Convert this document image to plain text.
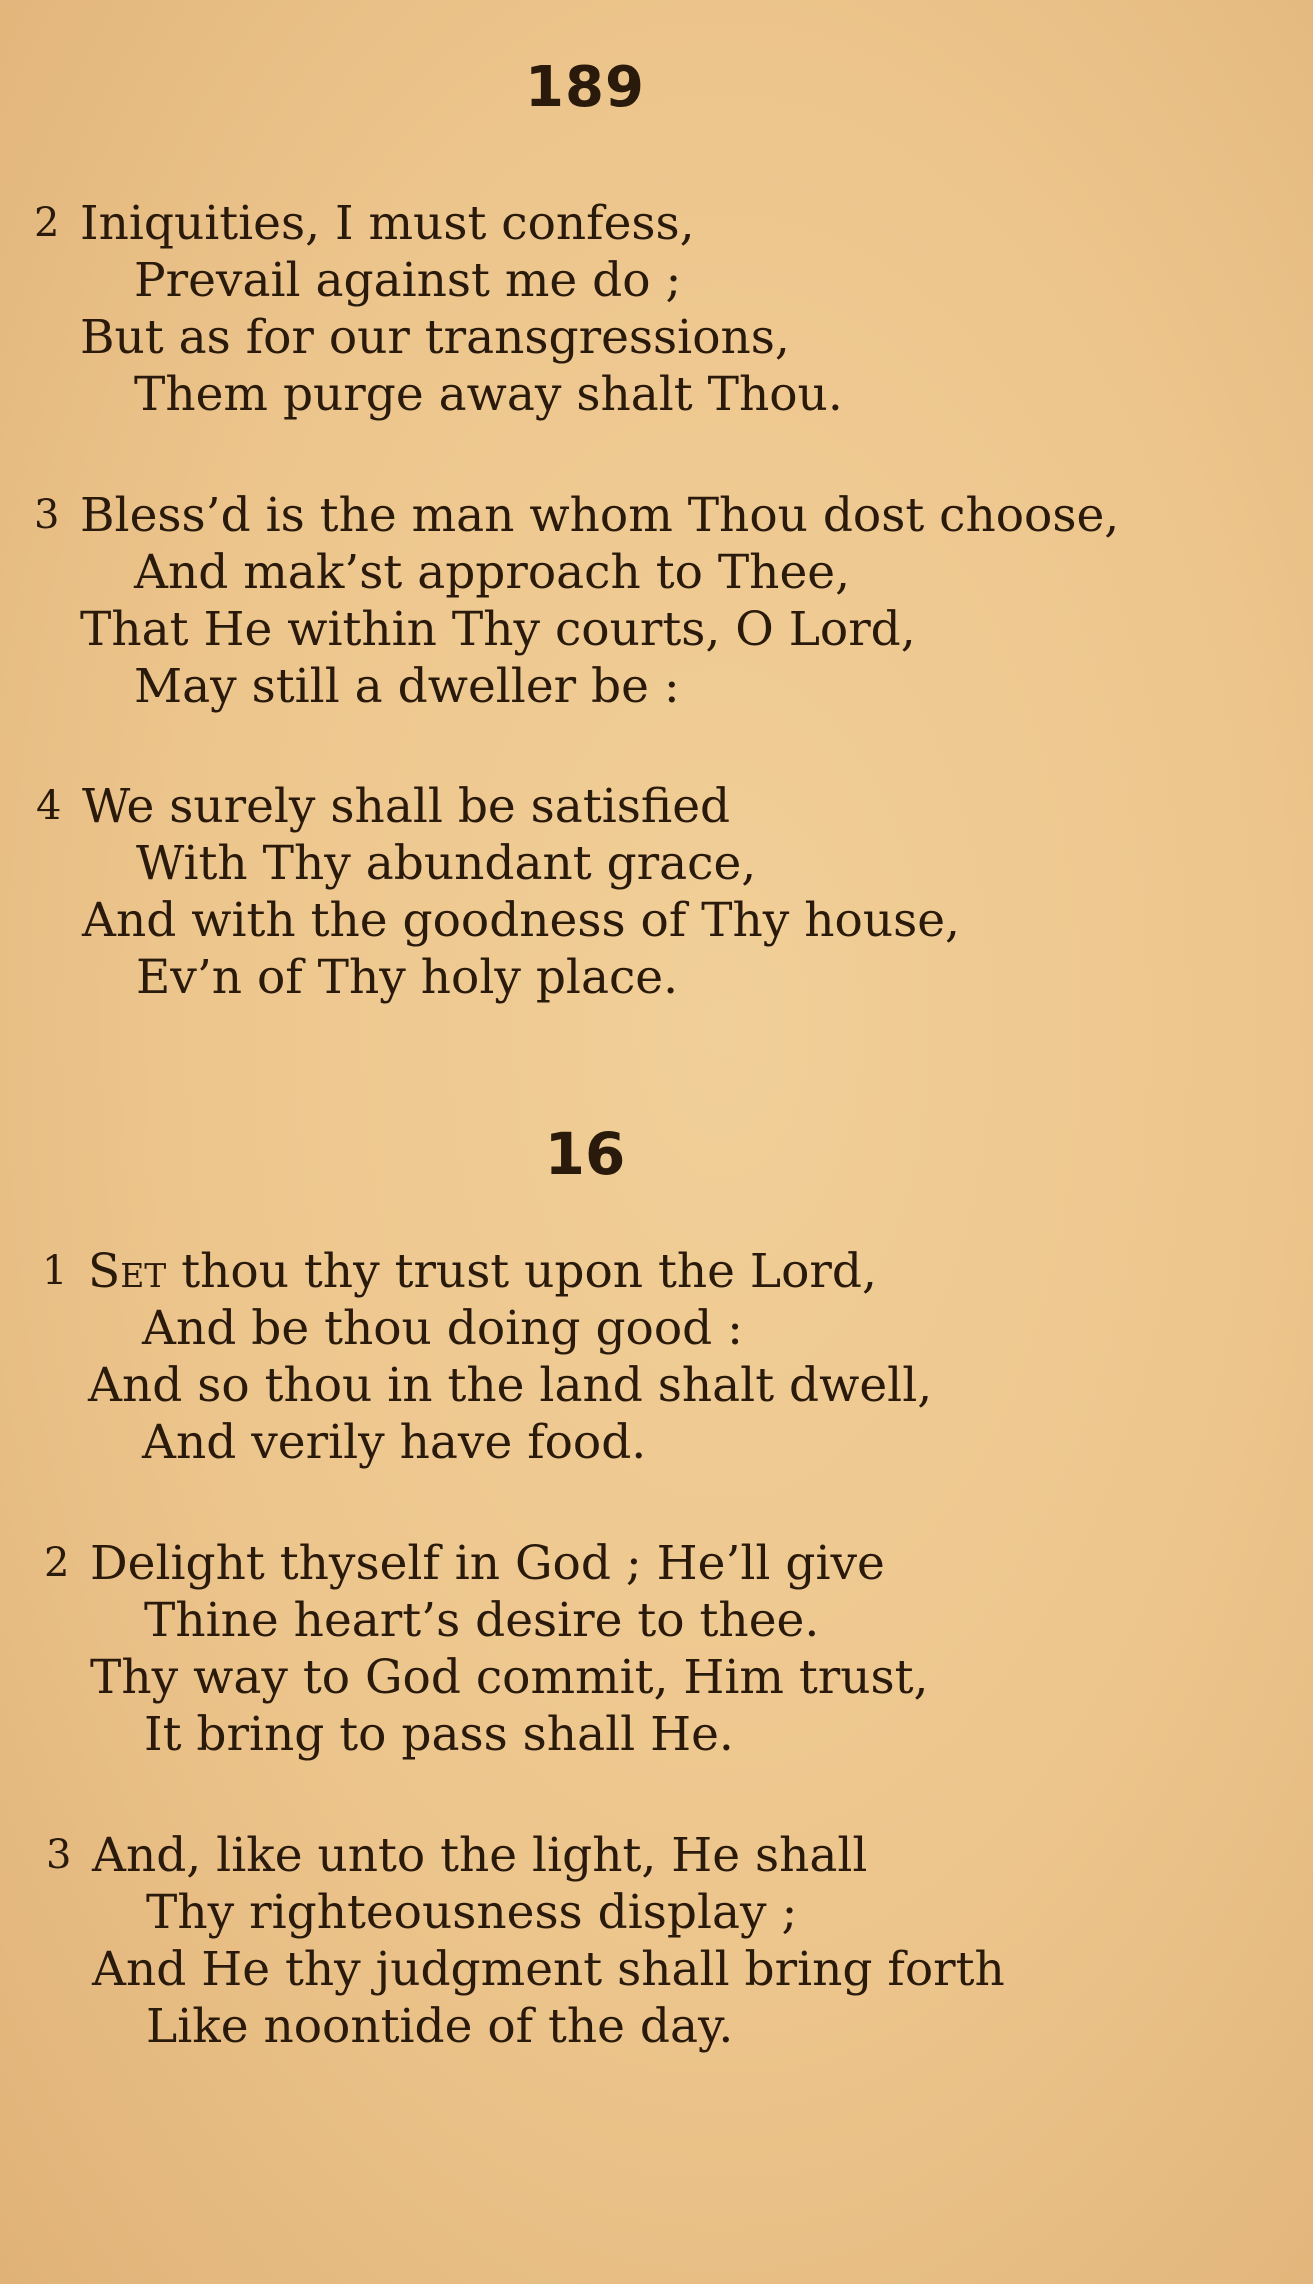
189
2 Iniquities, I must confess,
Prevail against me do ;
But as for our transgressions,
Them purge away shalt Thou.
3 Bless’d is the man whom Thou dost choose,
And mak’st approach to Thee,
That He within Thy courts, O Lord,
May still a dweller be :
4 We surely shall be satisfied
With Thy abundant grace,
And with the goodness of Thy house,
Ev’n of Thy holy place.
16
1 Set thou thy trust upon the Lord,
And be thou doing good :
And so thou in the land shalt dwell,
And verily have food.
2 Delight thyself in God ; He’ll give
Thine heart’s desire to thee.
Thy way to God commit, Him trust,
It bring to pass shall He.
3 And, like unto the light, He shall
Thy righteousness display ;
And He thy judgment shall bring forth
Like noontide of the day.
